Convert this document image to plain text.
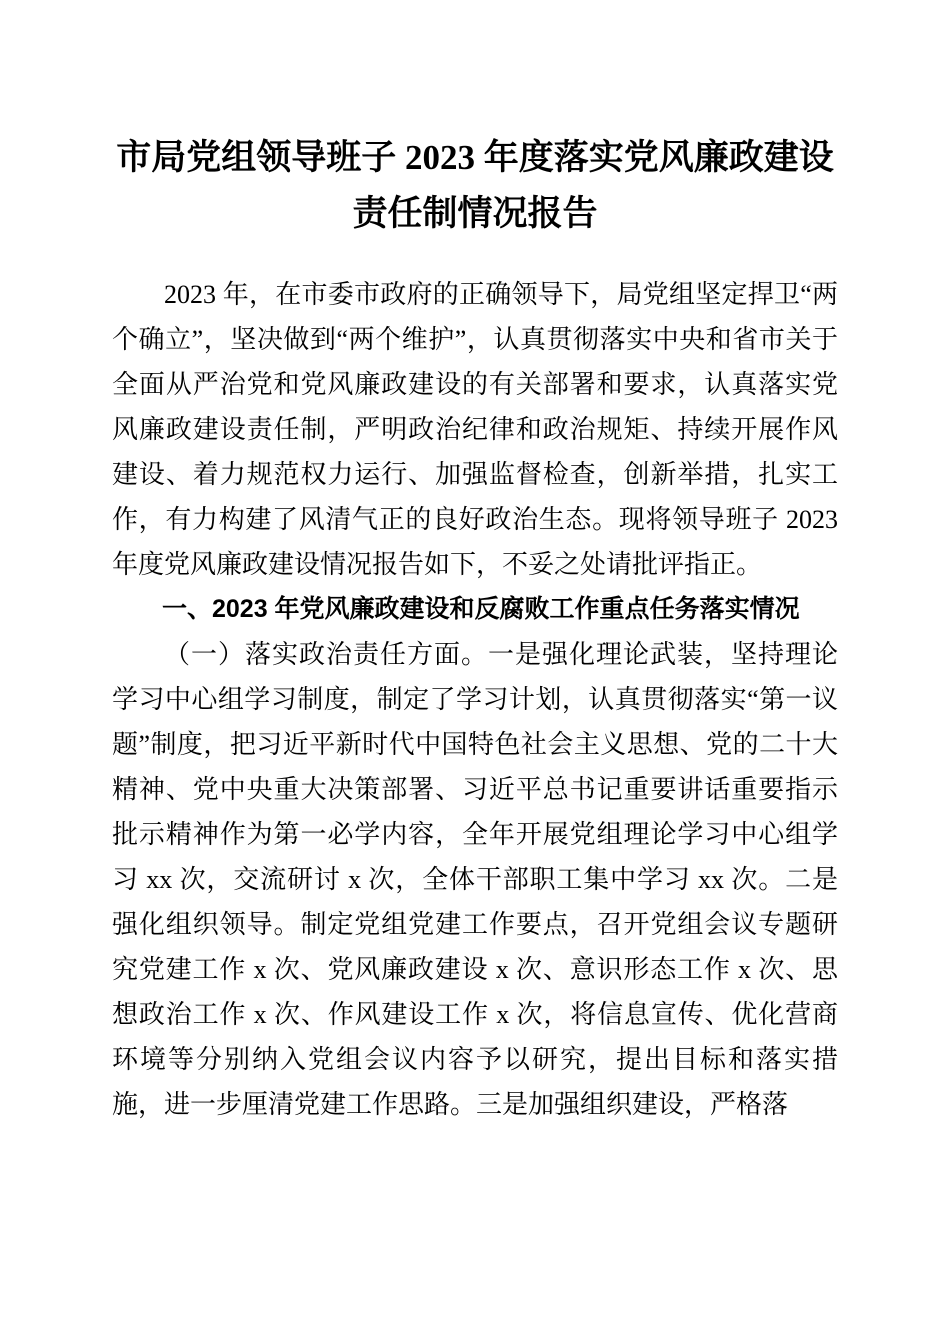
市局党组领导班子 2023 年度落实党风廉政建设责任制情况报告

2023 年，在市委市政府的正确领导下，局党组坚定捍卫“两个确立”，坚决做到“两个维护”，认真贯彻落实中央和省市关于全面从严治党和党风廉政建设的有关部署和要求，认真落实党风廉政建设责任制，严明政治纪律和政治规矩、持续开展作风建设、着力规范权力运行、加强监督检查，创新举措，扎实工作，有力构建了风清气正的良好政治生态。现将领导班子 2023 年度党风廉政建设情况报告如下，不妥之处请批评指正。

一、2023 年党风廉政建设和反腐败工作重点任务落实情况

（一）落实政治责任方面。一是强化理论武装，坚持理论学习中心组学习制度，制定了学习计划，认真贯彻落实“第一议题”制度，把习近平新时代中国特色社会主义思想、党的二十大精神、党中央重大决策部署、习近平总书记重要讲话重要指示批示精神作为第一必学内容，全年开展党组理论学习中心组学习 xx 次，交流研讨 x 次，全体干部职工集中学习 xx 次。二是强化组织领导。制定党组党建工作要点，召开党组会议专题研究党建工作 x 次、党风廉政建设 x 次、意识形态工作 x 次、思想政治工作 x 次、作风建设工作 x 次，将信息宣传、优化营商环境等分别纳入党组会议内容予以研究，提出目标和落实措施，进一步厘清党建工作思路。三是加强组织建设，严格落
